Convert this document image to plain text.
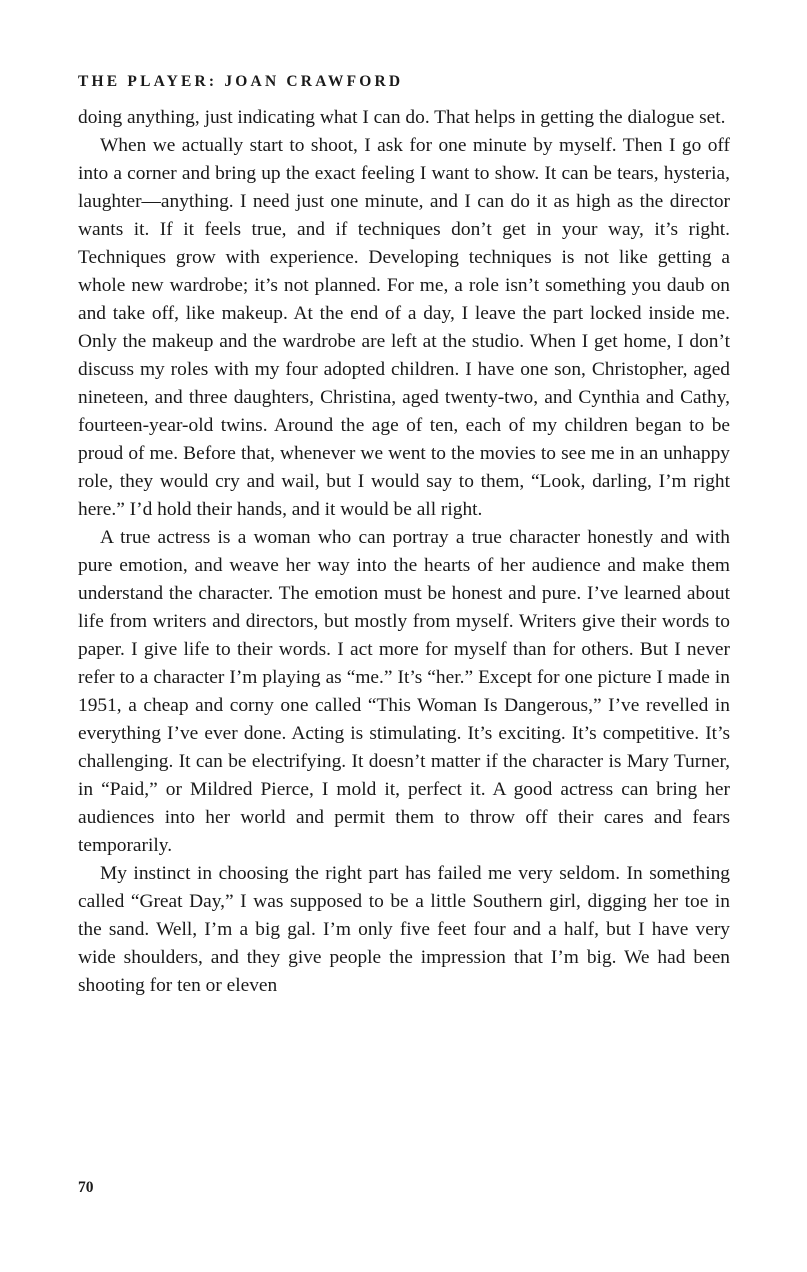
THE PLAYER: JOAN CRAWFORD

doing anything, just indicating what I can do. That helps in getting the dialogue set.

When we actually start to shoot, I ask for one minute by myself. Then I go off into a corner and bring up the exact feeling I want to show. It can be tears, hysteria, laughter—anything. I need just one minute, and I can do it as high as the director wants it. If it feels true, and if techniques don’t get in your way, it’s right. Techniques grow with experience. Developing techniques is not like getting a whole new wardrobe; it’s not planned. For me, a role isn’t something you daub on and take off, like makeup. At the end of a day, I leave the part locked inside me. Only the makeup and the wardrobe are left at the studio. When I get home, I don’t discuss my roles with my four adopted children. I have one son, Christopher, aged nineteen, and three daughters, Christina, aged twenty-two, and Cynthia and Cathy, fourteen-year-old twins. Around the age of ten, each of my children began to be proud of me. Before that, whenever we went to the movies to see me in an unhappy role, they would cry and wail, but I would say to them, “Look, darling, I’m right here.” I’d hold their hands, and it would be all right.

A true actress is a woman who can portray a true character honestly and with pure emotion, and weave her way into the hearts of her audience and make them understand the character. The emotion must be honest and pure. I’ve learned about life from writers and directors, but mostly from myself. Writers give their words to paper. I give life to their words. I act more for myself than for others. But I never refer to a character I’m playing as “me.” It’s “her.” Except for one picture I made in 1951, a cheap and corny one called “This Woman Is Dangerous,” I’ve revelled in everything I’ve ever done. Acting is stimulating. It’s exciting. It’s competitive. It’s challenging. It can be electrifying. It doesn’t matter if the character is Mary Turner, in “Paid,” or Mildred Pierce, I mold it, perfect it. A good actress can bring her audiences into her world and permit them to throw off their cares and fears temporarily.

My instinct in choosing the right part has failed me very seldom. In something called “Great Day,” I was supposed to be a little Southern girl, digging her toe in the sand. Well, I’m a big gal. I’m only five feet four and a half, but I have very wide shoulders, and they give people the impression that I’m big. We had been shooting for ten or eleven

70
